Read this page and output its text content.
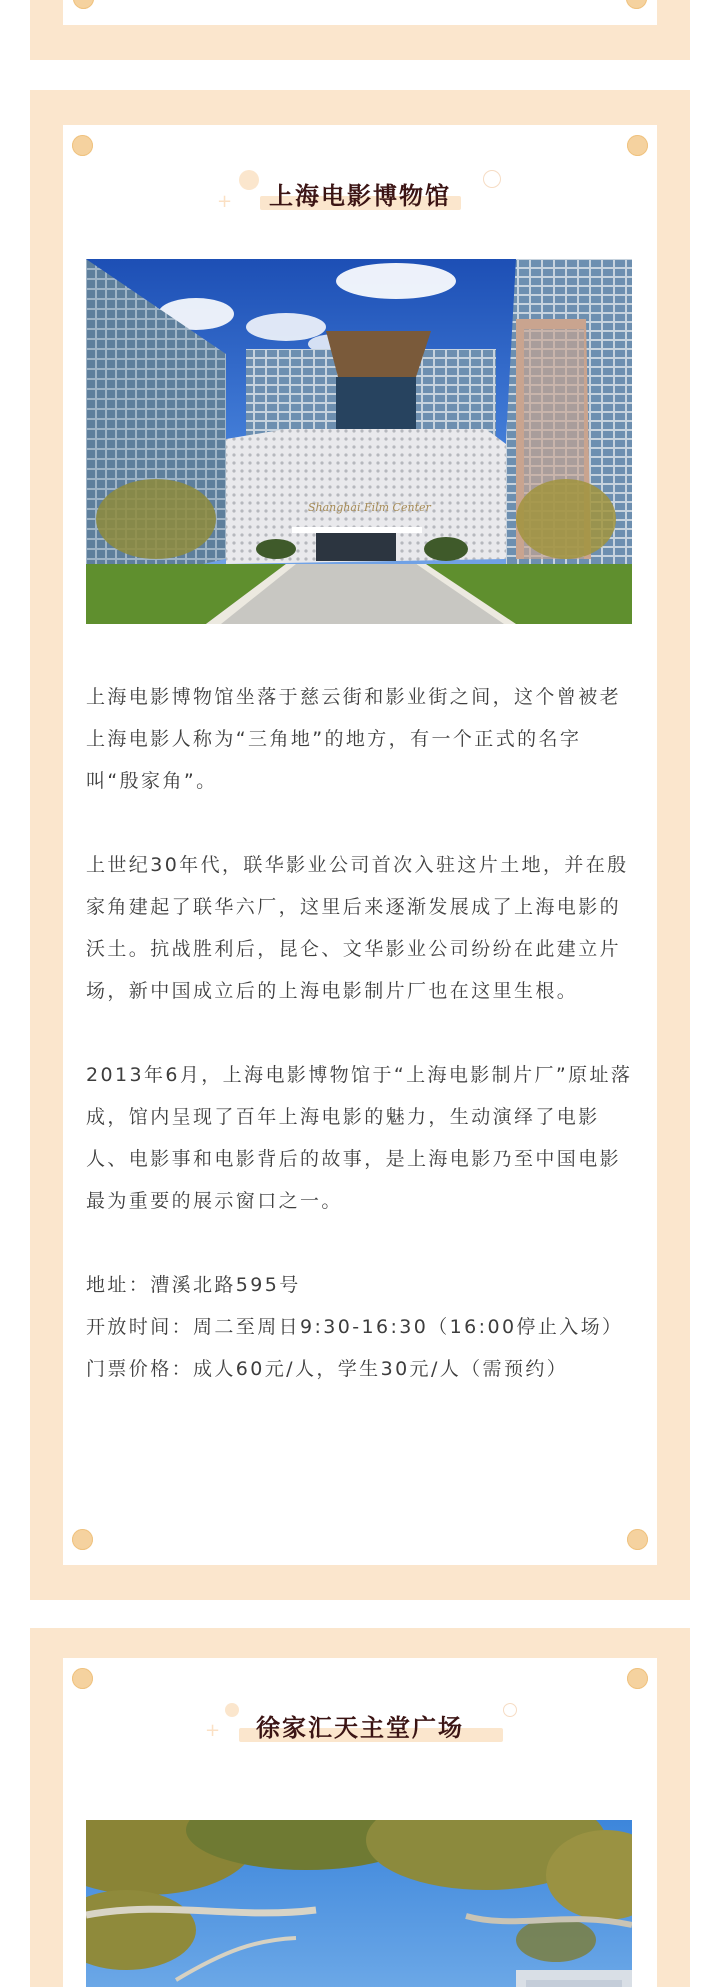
+ 上海电影博物馆
Shanghai Film Center

上海电影博物馆坐落于慈云街和影业街之间，这个曾被老上海电影人称为“三角地”的地方，有一个正式的名字叫“殷家角”。

上世纪30年代，联华影业公司首次入驻这片土地，并在殷家角建起了联华六厂，这里后来逐渐发展成了上海电影的沃土。抗战胜利后，昆仑、文华影业公司纷纷在此建立片场，新中国成立后的上海电影制片厂也在这里生根。

2013年6月，上海电影博物馆于“上海电影制片厂”原址落成，馆内呈现了百年上海电影的魅力，生动演绎了电影人、电影事和电影背后的故事，是上海电影乃至中国电影最为重要的展示窗口之一。

地址：漕溪北路595号

开放时间：周二至周日9:30-16:30（16:00停止入场）

门票价格：成人60元/人，学生30元/人（需预约）

+ 徐家汇天主堂广场
